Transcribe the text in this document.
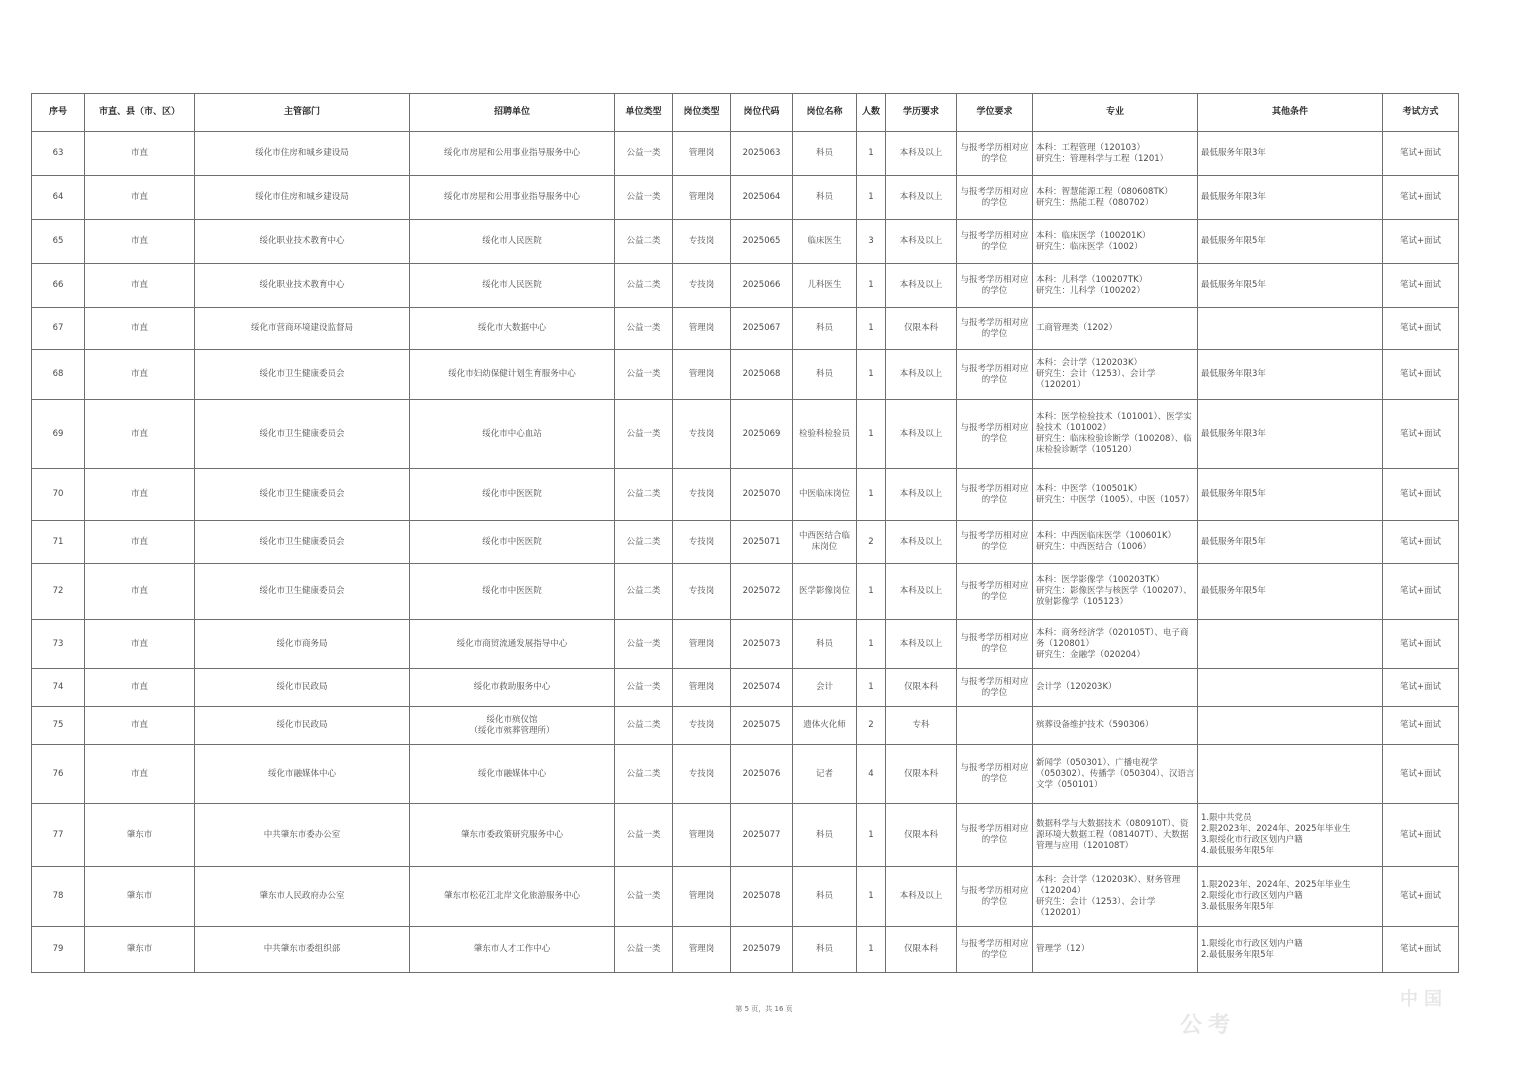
序号	市直、县（市、区）	主管部门	招聘单位	单位类型	岗位类型	岗位代码	岗位名称	人数	学历要求	学位要求	专业	其他条件	考试方式
63	市直	绥化市住房和城乡建设局	绥化市房屋和公用事业指导服务中心	公益一类	管理岗	2025063	科员	1	本科及以上	与报考学历相对应的学位	本科：工程管理（120103）
研究生：管理科学与工程（1201）	最低服务年限3年	笔试+面试
64	市直	绥化市住房和城乡建设局	绥化市房屋和公用事业指导服务中心	公益一类	管理岗	2025064	科员	1	本科及以上	与报考学历相对应的学位	本科：智慧能源工程（080608TK）
研究生：热能工程（080702）	最低服务年限3年	笔试+面试
65	市直	绥化职业技术教育中心	绥化市人民医院	公益二类	专技岗	2025065	临床医生	3	本科及以上	与报考学历相对应的学位	本科：临床医学（100201K）
研究生：临床医学（1002）	最低服务年限5年	笔试+面试
66	市直	绥化职业技术教育中心	绥化市人民医院	公益二类	专技岗	2025066	儿科医生	1	本科及以上	与报考学历相对应的学位	本科：儿科学（100207TK）
研究生：儿科学（100202）	最低服务年限5年	笔试+面试
67	市直	绥化市营商环境建设监督局	绥化市大数据中心	公益一类	管理岗	2025067	科员	1	仅限本科	与报考学历相对应的学位	工商管理类（1202）		笔试+面试
68	市直	绥化市卫生健康委员会	绥化市妇幼保健计划生育服务中心	公益一类	管理岗	2025068	科员	1	本科及以上	与报考学历相对应的学位	本科：会计学（120203K）
研究生：会计（1253）、会计学（120201）	最低服务年限3年	笔试+面试
69	市直	绥化市卫生健康委员会	绥化市中心血站	公益一类	专技岗	2025069	检验科检验员	1	本科及以上	与报考学历相对应的学位	本科：医学检验技术（101001）、医学实验技术（101002）
研究生：临床检验诊断学（100208）、临床检验诊断学（105120）	最低服务年限3年	笔试+面试
70	市直	绥化市卫生健康委员会	绥化市中医医院	公益二类	专技岗	2025070	中医临床岗位	1	本科及以上	与报考学历相对应的学位	本科：中医学（100501K）
研究生：中医学（1005）、中医（1057）	最低服务年限5年	笔试+面试
71	市直	绥化市卫生健康委员会	绥化市中医医院	公益二类	专技岗	2025071	中西医结合临床岗位	2	本科及以上	与报考学历相对应的学位	本科：中西医临床医学（100601K）
研究生：中西医结合（1006）	最低服务年限5年	笔试+面试
72	市直	绥化市卫生健康委员会	绥化市中医医院	公益二类	专技岗	2025072	医学影像岗位	1	本科及以上	与报考学历相对应的学位	本科：医学影像学（100203TK）
研究生：影像医学与核医学（100207）、放射影像学（105123）	最低服务年限5年	笔试+面试
73	市直	绥化市商务局	绥化市商贸流通发展指导中心	公益一类	管理岗	2025073	科员	1	本科及以上	与报考学历相对应的学位	本科：商务经济学（020105T）、电子商务（120801）
研究生：金融学（020204）		笔试+面试
74	市直	绥化市民政局	绥化市救助服务中心	公益一类	管理岗	2025074	会计	1	仅限本科	与报考学历相对应的学位	会计学（120203K）		笔试+面试
75	市直	绥化市民政局	绥化市殡仪馆
（绥化市殡葬管理所）	公益二类	专技岗	2025075	遗体火化师	2	专科		殡葬设备维护技术（590306）		笔试+面试
76	市直	绥化市融媒体中心	绥化市融媒体中心	公益二类	专技岗	2025076	记者	4	仅限本科	与报考学历相对应的学位	新闻学（050301）、广播电视学（050302）、传播学（050304）、汉语言文学（050101）		笔试+面试
77	肇东市	中共肇东市委办公室	肇东市委政策研究服务中心	公益一类	管理岗	2025077	科员	1	仅限本科	与报考学历相对应的学位	数据科学与大数据技术（080910T）、资源环境大数据工程（081407T）、大数据管理与应用（120108T）	1.限中共党员
2.限2023年、2024年、2025年毕业生
3.限绥化市行政区划内户籍
4.最低服务年限5年	笔试+面试
78	肇东市	肇东市人民政府办公室	肇东市松花江北岸文化旅游服务中心	公益一类	管理岗	2025078	科员	1	本科及以上	与报考学历相对应的学位	本科：会计学（120203K）、财务管理（120204）
研究生：会计（1253）、会计学（120201）	1.限2023年、2024年、2025年毕业生
2.限绥化市行政区划内户籍
3.最低服务年限5年	笔试+面试
79	肇东市	中共肇东市委组织部	肇东市人才工作中心	公益一类	管理岗	2025079	科员	1	仅限本科	与报考学历相对应的学位	管理学（12）	1.限绥化市行政区划内户籍
2.最低服务年限5年	笔试+面试
第 5 页，共 16 页
公考
中国
